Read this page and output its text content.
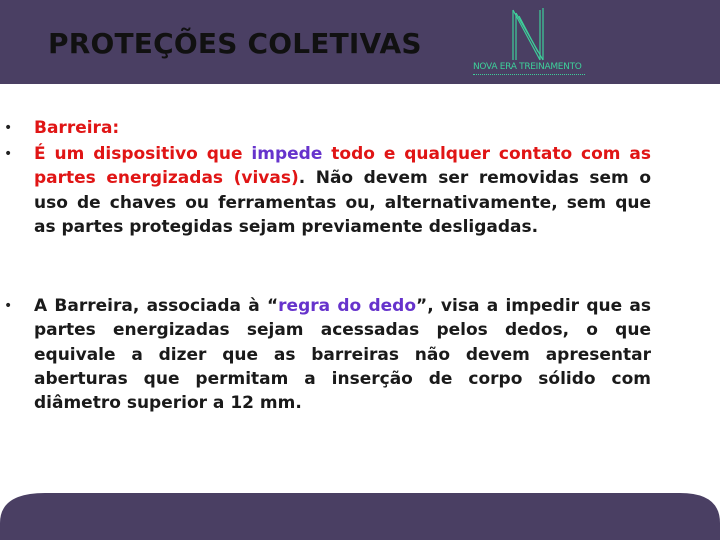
PROTEÇÕES COLETIVAS
NOVA ERA TREINAMENTO
• Barreira:
• É um dispositivo que impede todo e qualquer contato com as partes energizadas (vivas). Não devem ser removidas sem o uso de chaves ou ferramentas ou, alternativamente, sem que as partes protegidas sejam previamente desligadas.
• A Barreira, associada à “regra do dedo”, visa a impedir que as partes energizadas sejam acessadas pelos dedos, o que equivale a dizer que as barreiras não devem apresentar aberturas que permitam a inserção de corpo sólido com diâmetro superior a 12 mm.
